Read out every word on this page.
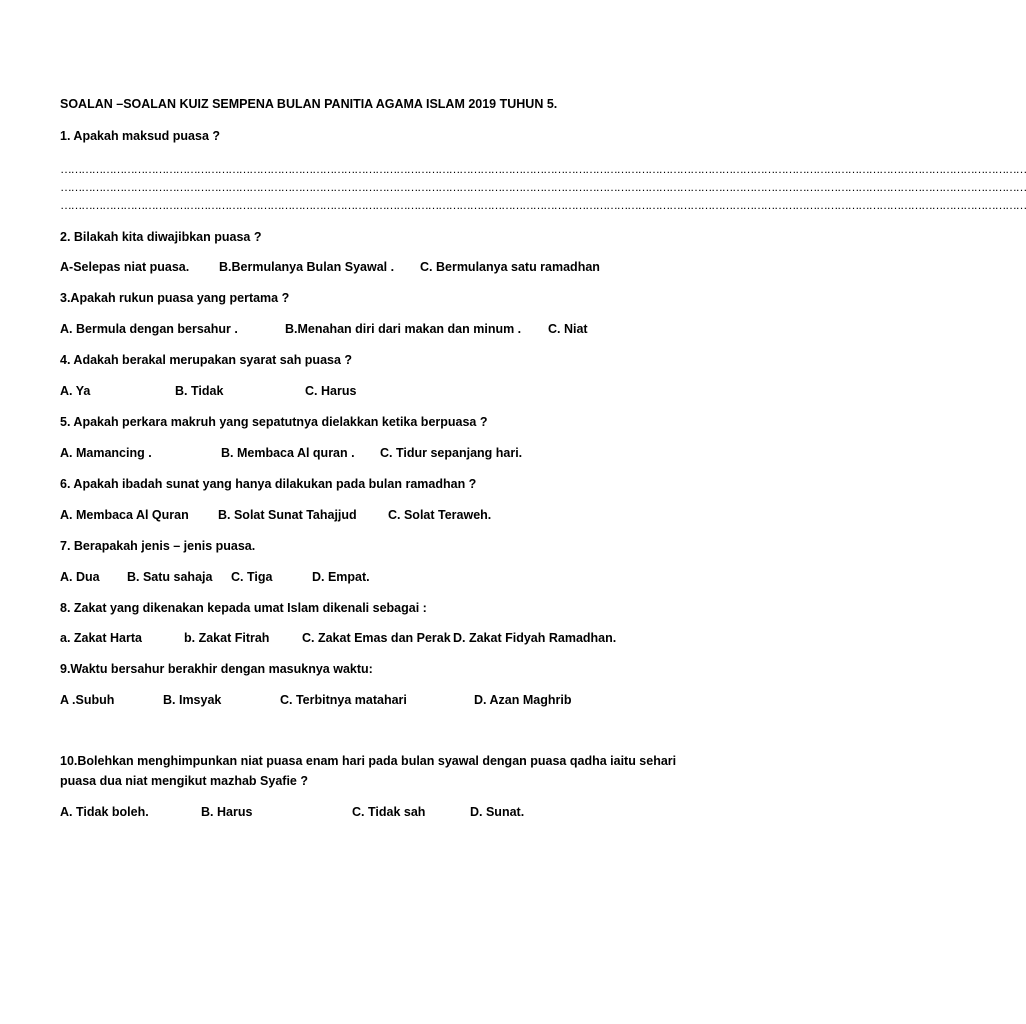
SOALAN –SOALAN KUIZ SEMPENA BULAN PANITIA AGAMA ISLAM 2019 TUHUN 5.
1. Apakah maksud puasa ?
……………………………………………………………………………………………………………………………………………………………………………………………………………………………………………………
……………………………………………………………………………………………………………………………………………………………………………………………………………………………………………………
……………………………………………………………………………………………………………………………………………………………………………………………………………………………………………………
2. Bilakah kita diwajibkan puasa ?
A-Selepas niat puasa. B.Bermulanya Bulan Syawal . C. Bermulanya satu ramadhan
3.Apakah rukun puasa yang pertama ?
A. Bermula dengan bersahur .	B.Menahan diri dari makan dan minum . C. Niat
4. Adakah berakal merupakan syarat sah puasa ?
A. Ya	B. Tidak	C. Harus
5. Apakah perkara makruh yang sepatutnya dielakkan ketika berpuasa ?
A. Mamancing .	B. Membaca Al quran . C. Tidur sepanjang hari.
6. Apakah ibadah sunat yang hanya dilakukan pada bulan ramadhan ?
A. Membaca Al Quran B. Solat Sunat Tahajjud	C. Solat Teraweh.
7. Berapakah jenis – jenis puasa.
A. Dua B. Satu sahaja C. Tiga	D. Empat.
8. Zakat yang dikenakan kepada umat Islam dikenali sebagai :
a. Zakat Harta	b. Zakat Fitrah	C. Zakat Emas dan Perak D. Zakat Fidyah Ramadhan.
9.Waktu bersahur berakhir dengan masuknya waktu:
A .Subuh	B. Imsyak	C. Terbitnya matahari	D. Azan Maghrib
10.Bolehkan menghimpunkan niat puasa enam hari pada bulan syawal dengan puasa qadha iaitu sehari
puasa dua niat mengikut mazhab Syafie ?
A. Tidak boleh.	B. Harus	C. Tidak sah	D. Sunat.
